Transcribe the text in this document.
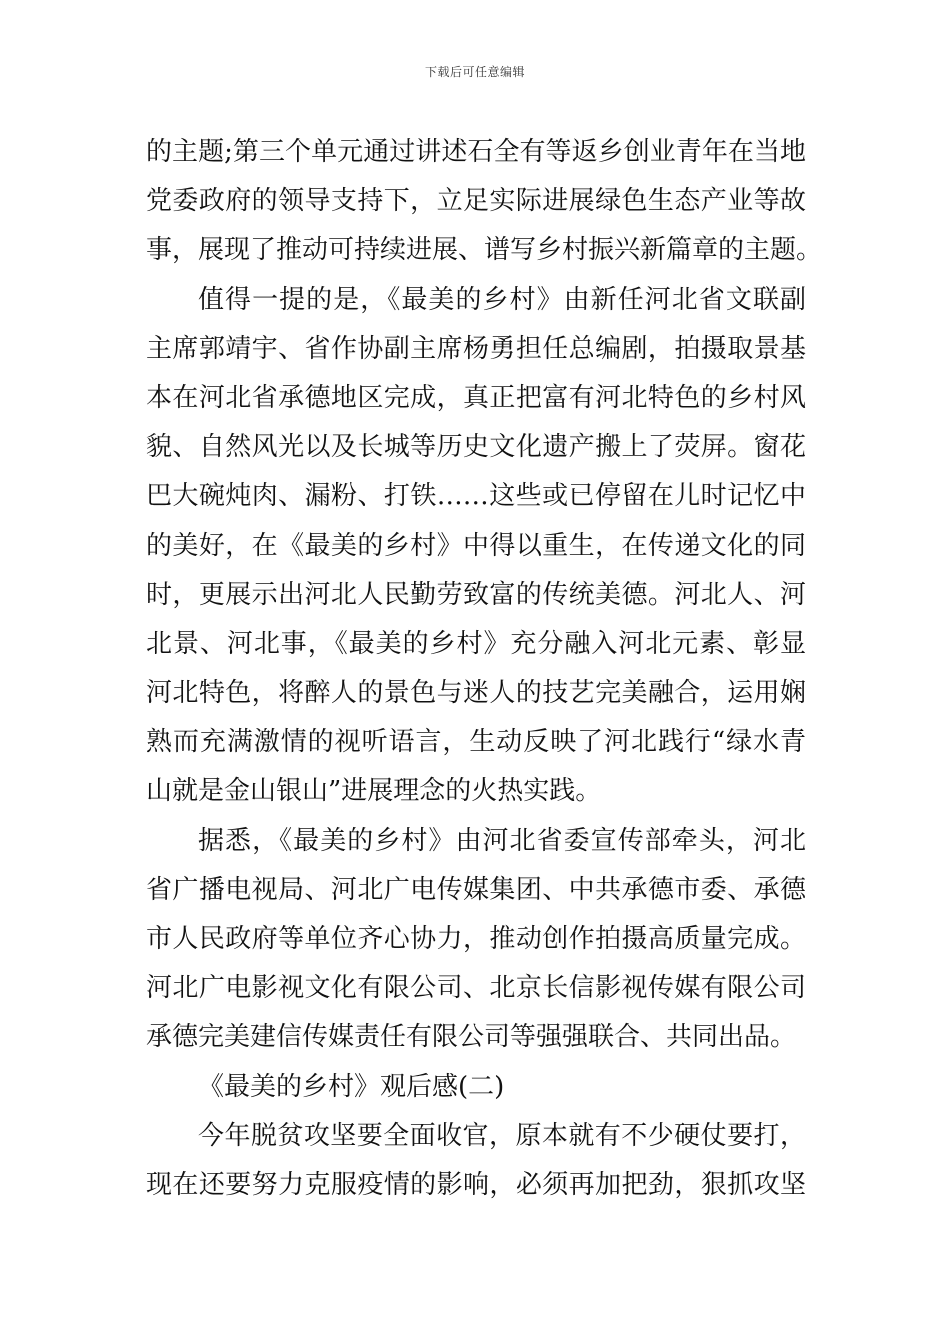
下载后可任意编辑
的主题;第三个单元通过讲述石全有等返乡创业青年在当地
党委政府的领导支持下，立足实际进展绿色生态产业等故
事，展现了推动可持续进展、谱写乡村振兴新篇章的主题。
值得一提的是，《最美的乡村》由新任河北省文联副
主席郭靖宇、省作协副主席杨勇担任总编剧，拍摄取景基
本在河北省承德地区完成，真正把富有河北特色的乡村风
貌、自然风光以及长城等历史文化遗产搬上了荧屏。窗花
巴大碗炖肉、漏粉、打铁……这些或已停留在儿时记忆中
的美好，在《最美的乡村》中得以重生，在传递文化的同
时，更展示出河北人民勤劳致富的传统美德。河北人、河
北景、河北事，《最美的乡村》充分融入河北元素、彰显
河北特色，将醉人的景色与迷人的技艺完美融合，运用娴
熟而充满激情的视听语言，生动反映了河北践行“绿水青
山就是金山银山”进展理念的火热实践。
据悉，《最美的乡村》由河北省委宣传部牵头，河北
省广播电视局、河北广电传媒集团、中共承德市委、承德
市人民政府等单位齐心协力，推动创作拍摄高质量完成。
河北广电影视文化有限公司、北京长信影视传媒有限公司
承德完美建信传媒责任有限公司等强强联合、共同出品。
《最美的乡村》观后感(二)
今年脱贫攻坚要全面收官，原本就有不少硬仗要打，
现在还要努力克服疫情的影响，必须再加把劲，狠抓攻坚
